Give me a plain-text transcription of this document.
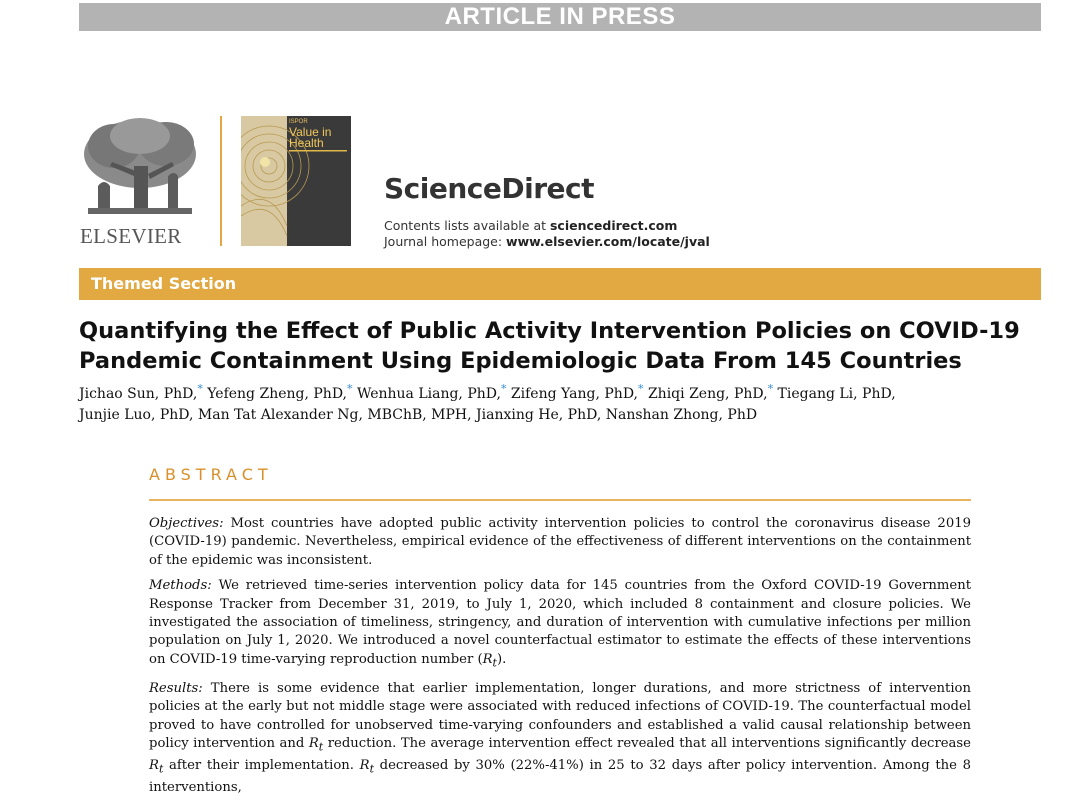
ARTICLE IN PRESS
ELSEVIER
ISPOR
Value in Health
ScienceDirect
Contents lists available at sciencedirect.com
Journal homepage: www.elsevier.com/locate/jval
Themed Section
Quantifying the Effect of Public Activity Intervention Policies on COVID-19
Pandemic Containment Using Epidemiologic Data From 145 Countries
Jichao Sun, PhD,* Yefeng Zheng, PhD,* Wenhua Liang, PhD,* Zifeng Yang, PhD,* Zhiqi Zeng, PhD,* Tiegang Li, PhD,
Junjie Luo, PhD, Man Tat Alexander Ng, MBChB, MPH, Jianxing He, PhD, Nanshan Zhong, PhD
ABSTRACT

Objectives: Most countries have adopted public activity intervention policies to control the coronavirus disease 2019 (COVID-19) pandemic. Nevertheless, empirical evidence of the effectiveness of different interventions on the containment of the epidemic was inconsistent.

Methods: We retrieved time-series intervention policy data for 145 countries from the Oxford COVID-19 Government Response Tracker from December 31, 2019, to July 1, 2020, which included 8 containment and closure policies. We investigated the association of timeliness, stringency, and duration of intervention with cumulative infections per million population on July 1, 2020. We introduced a novel counterfactual estimator to estimate the effects of these interventions on COVID-19 time-varying reproduction number $(R_t)$.

Results: There is some evidence that earlier implementation, longer durations, and more strictness of intervention policies at the early but not middle stage were associated with reduced infections of COVID-19. The counterfactual model proved to have controlled for unobserved time-varying confounders and established a valid causal relationship between policy intervention and $R_t$ reduction. The average intervention effect revealed that all interventions significantly decrease $R_t$ after their implementation. $R_t$ decreased by 30% (22%-41%) in 25 to 32 days after policy intervention. Among the 8 interventions,
